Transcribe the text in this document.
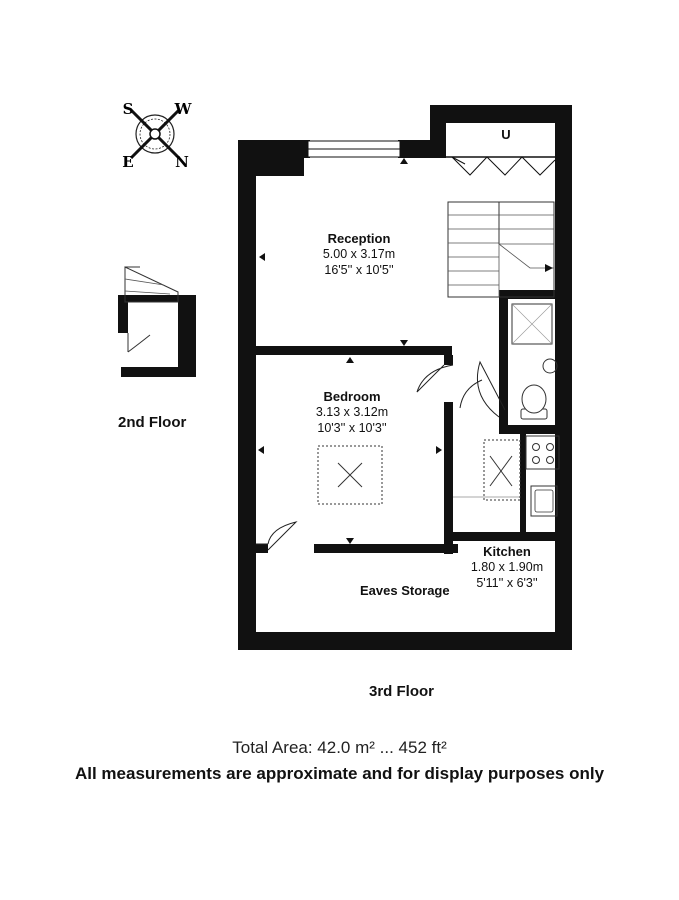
S	W
E	N
U
Reception
5.00 x 3.17m
16'5'' x 10'5''
Bedroom
3.13 x 3.12m
10'3'' x 10'3''
Kitchen
1.80 x 1.90m
5'11'' x 6'3''
Eaves Storage
2nd Floor
3rd Floor
Total Area: 42.0 m² ... 452 ft²
All measurements are approximate and for display purposes only
